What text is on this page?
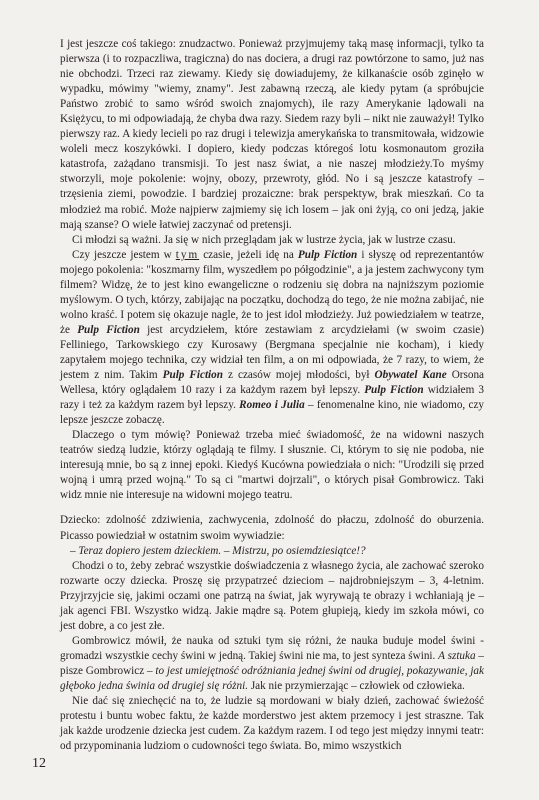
I jest jeszcze coś takiego: znudzactwo. Ponieważ przyjmujemy taką masę informacji, tylko ta pierwsza (i to rozpaczliwa, tragiczna) do nas dociera, a drugi raz powtórzone to samo, już nas nie obchodzi. Trzeci raz ziewamy. Kiedy się dowiadujemy, że kilkanaście osób zginęło w wypadku, mówimy "wiemy, znamy". Jest zabawną rzeczą, ale kiedy pytam (a spróbujcie Państwo zrobić to samo wśród swoich znajomych), ile razy Amerykanie lądowali na Księżycu, to mi odpowiadają, że chyba dwa razy. Siedem razy byli – nikt nie zauważył! Tylko pierwszy raz. A kiedy lecieli po raz drugi i telewizja amerykańska to transmitowała, widzowie woleli mecz koszykówki. I dopiero, kiedy podczas któregoś lotu kosmonautom groziła katastrofa, zażądano transmisji. To jest nasz świat, a nie naszej młodzieży.To myśmy stworzyli, moje pokolenie: wojny, obozy, przewroty, głód. No i są jeszcze katastrofy – trzęsienia ziemi, powodzie. I bardziej prozaiczne: brak perspektyw, brak mieszkań. Co ta młodzież ma robić. Może najpierw zajmiemy się ich losem – jak oni żyją, co oni jedzą, jakie mają szanse? O wiele łatwiej zaczynać od pretensji.

Ci młodzi są ważni. Ja się w nich przeglądam jak w lustrze życia, jak w lustrze czasu.

Czy jeszcze jestem w tym czasie, jeżeli idę na Pulp Fiction i słyszę od reprezentantów mojego pokolenia: "koszmarny film, wyszedłem po półgodzinie", a ja jestem zachwycony tym filmem? Widzę, że to jest kino ewangeliczne o rodzeniu się dobra na najniższym poziomie myślowym. O tych, którzy, zabijając na początku, dochodzą do tego, że nie można zabijać, nie wolno kraść. I potem się okazuje nagle, że to jest idol młodzieży. Już powiedziałem w teatrze, że Pulp Fiction jest arcydziełem, które zestawiam z arcydziełami (w swoim czasie) Felliniego, Tarkowskiego czy Kurosawy (Bergmana specjalnie nie kocham), i kiedy zapytałem mojego technika, czy widział ten film, a on mi odpowiada, że 7 razy, to wiem, że jestem z nim. Takim Pulp Fiction z czasów mojej młodości, był Obywatel Kane Orsona Wellesa, który oglądałem 10 razy i za każdym razem był lepszy. Pulp Fiction widziałem 3 razy i też za każdym razem był lepszy. Romeo i Julia – fenomenalne kino, nie wiadomo, czy lepsze jeszcze zobaczę.

Dlaczego o tym mówię? Ponieważ trzeba mieć świadomość, że na widowni naszych teatrów siedzą ludzie, którzy oglądają te filmy. I słusznie. Ci, którym to się nie podoba, nie interesują mnie, bo są z innej epoki. Kiedyś Kucówna powiedziała o nich: "Urodzili się przed wojną i umrą przed wojną." To są ci "martwi dojrzali", o których pisał Gombrowicz. Taki widz mnie nie interesuje na widowni mojego teatru.

Dziecko: zdolność zdziwienia, zachwycenia, zdolność do płaczu, zdolność do oburzenia. Picasso powiedział w ostatnim swoim wywiadzie:

– Teraz dopiero jestem dzieckiem. – Mistrzu, po osiemdziesiątce!?

Chodzi o to, żeby zebrać wszystkie doświadczenia z własnego życia, ale zachować szeroko rozwarte oczy dziecka. Proszę się przypatrzeć dzieciom – najdrobniejszym – 3, 4-letnim. Przyjrzyjcie się, jakimi oczami one patrzą na świat, jak wyrywają te obrazy i wchłaniają je – jak agenci FBI. Wszystko widzą. Jakie mądre są. Potem głupieją, kiedy im szkoła mówi, co jest dobre, a co jest złe.

Gombrowicz mówił, że nauka od sztuki tym się różni, że nauka buduje model świni - gromadzi wszystkie cechy świni w jedną. Takiej świni nie ma, to jest synteza świni. A sztuka – pisze Gombrowicz – to jest umiejętność odróżniania jednej świni od drugiej, pokazywanie, jak głęboko jedna świnia od drugiej się różni. Jak nie przymierzając – człowiek od człowieka.

Nie dać się zniechęcić na to, że ludzie są mordowani w biały dzień, zachować świeżość protestu i buntu wobec faktu, że każde morderstwo jest aktem przemocy i jest straszne. Tak jak każde urodzenie dziecka jest cudem. Za każdym razem. I od tego jest między innymi teatr: od przypominania ludziom o cudowności tego świata. Bo, mimo wszystkich

12
